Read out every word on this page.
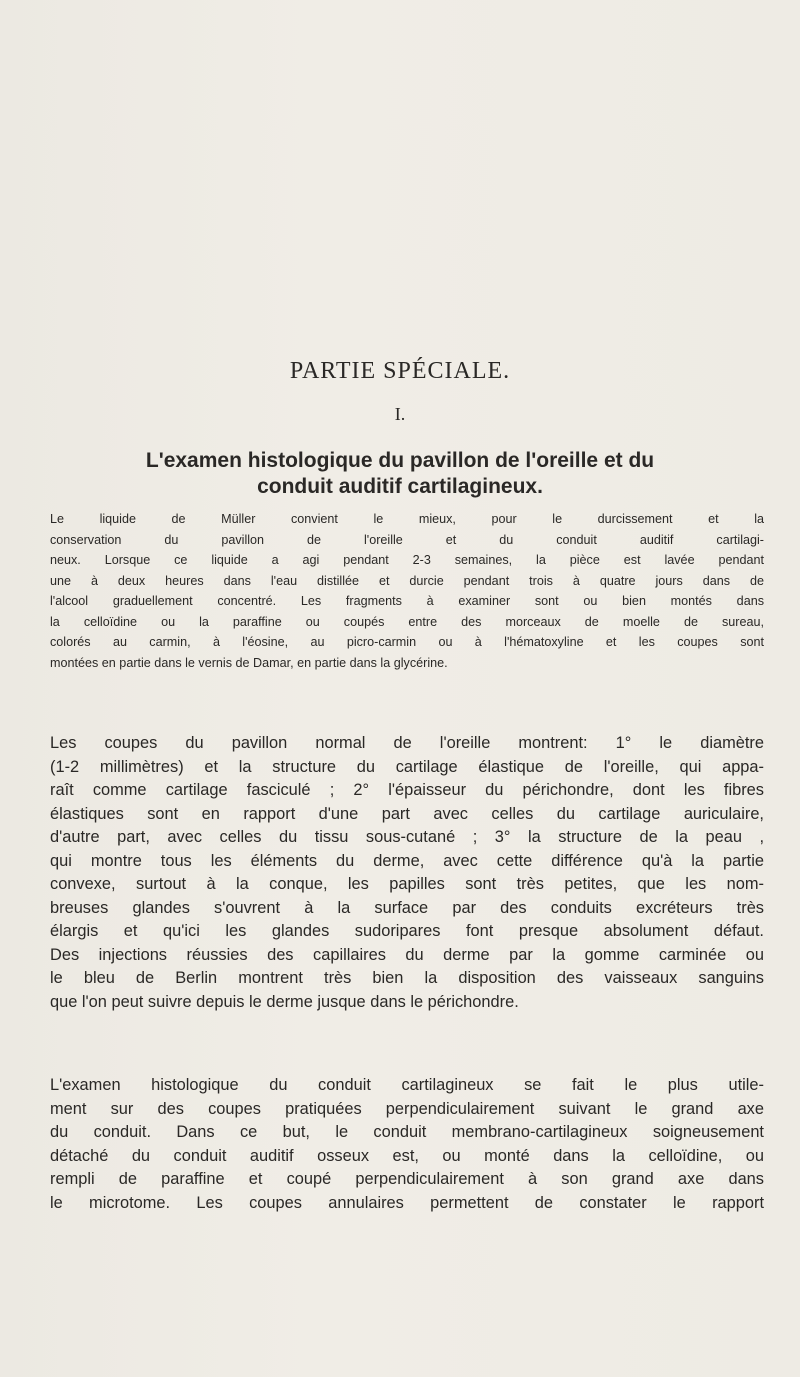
PARTIE SPÉCIALE.
I.
L'examen histologique du pavillon de l'oreille et du
conduit auditif cartilagineux.
Le liquide de Müller convient le mieux, pour le durcissement et la
conservation du pavillon de l'oreille et du conduit auditif cartilagi-
neux. Lorsque ce liquide a agi pendant 2-3 semaines, la pièce est lavée pendant
une à deux heures dans l'eau distillée et durcie pendant trois à quatre jours dans de
l'alcool graduellement concentré. Les fragments à examiner sont ou bien montés dans
la celloïdine ou la paraffine ou coupés entre des morceaux de moelle de sureau,
colorés au carmin, à l'éosine, au picro-carmin ou à l'hématoxyline et les coupes sont
montées en partie dans le vernis de Damar, en partie dans la glycérine.
Les coupes du pavillon normal de l'oreille montrent: 1° le diamètre
(1-2 millimètres) et la structure du cartilage élastique de l'oreille, qui appa-
raît comme cartilage fasciculé ; 2° l'épaisseur du périchondre, dont les fibres
élastiques sont en rapport d'une part avec celles du cartilage auriculaire,
d'autre part, avec celles du tissu sous-cutané ; 3° la structure de la peau ,
qui montre tous les éléments du derme, avec cette différence qu'à la partie
convexe, surtout à la conque, les papilles sont très petites, que les nom-
breuses glandes s'ouvrent à la surface par des conduits excréteurs très
élargis et qu'ici les glandes sudoripares font presque absolument défaut.
Des injections réussies des capillaires du derme par la gomme carminée ou
le bleu de Berlin montrent très bien la disposition des vaisseaux sanguins
que l'on peut suivre depuis le derme jusque dans le périchondre.
L'examen histologique du conduit cartilagineux se fait le plus utile-
ment sur des coupes pratiquées perpendiculairement suivant le grand axe
du conduit. Dans ce but, le conduit membrano-cartilagineux soigneusement
détaché du conduit auditif osseux est, ou monté dans la celloïdine, ou
rempli de paraffine et coupé perpendiculairement à son grand axe dans
le microtome. Les coupes annulaires permettent de constater le rapport
